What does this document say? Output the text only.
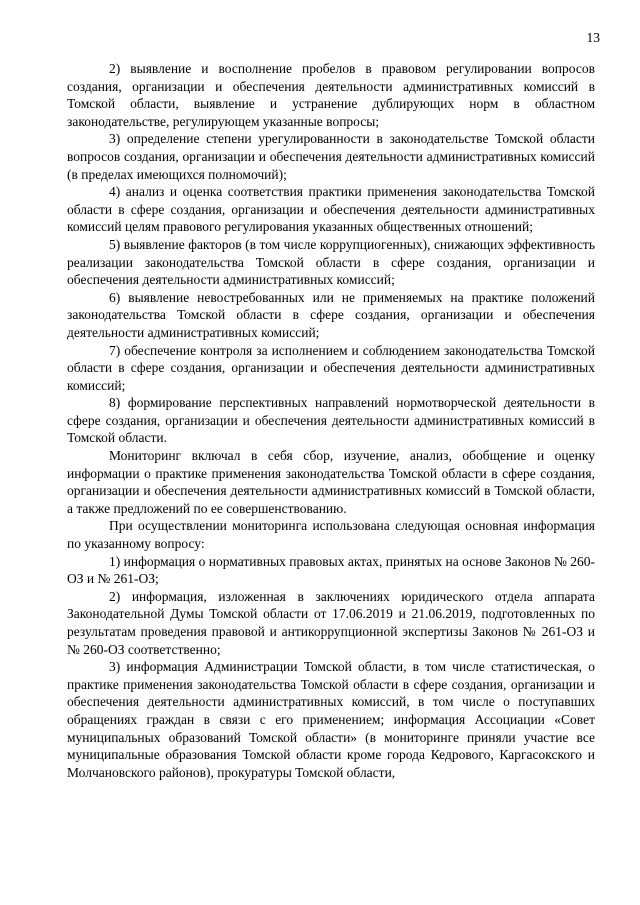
13

2) выявление и восполнение пробелов в правовом регулировании вопросов создания, организации и обеспечения деятельности административных комиссий в Томской области, выявление и устранение дублирующих норм в областном законодательстве, регулирующем указанные вопросы;

3) определение степени урегулированности в законодательстве Томской области вопросов создания, организации и обеспечения деятельности административных комиссий (в пределах имеющихся полномочий);

4) анализ и оценка соответствия практики применения законодательства Томской области в сфере создания, организации и обеспечения деятельности административных комиссий целям правового регулирования указанных общественных отношений;

5) выявление факторов (в том числе коррупциогенных), снижающих эффективность реализации законодательства Томской области в сфере создания, организации и обеспечения деятельности административных комиссий;

6) выявление невостребованных или не применяемых на практике положений законодательства Томской области в сфере создания, организации и обеспечения деятельности административных комиссий;

7) обеспечение контроля за исполнением и соблюдением законодательства Томской области в сфере создания, организации и обеспечения деятельности административных комиссий;

8) формирование перспективных направлений нормотворческой деятельности в сфере создания, организации и обеспечения деятельности административных комиссий в Томской области.

Мониторинг включал в себя сбор, изучение, анализ, обобщение и оценку информации о практике применения законодательства Томской области в сфере создания, организации и обеспечения деятельности административных комиссий в Томской области, а также предложений по ее совершенствованию.

При осуществлении мониторинга использована следующая основная информация по указанному вопросу:

1) информация о нормативных правовых актах, принятых на основе Законов № 260-ОЗ и № 261-ОЗ;

2) информация, изложенная в заключениях юридического отдела аппарата Законодательной Думы Томской области от 17.06.2019 и 21.06.2019, подготовленных по результатам проведения правовой и антикоррупционной экспертизы Законов № 261-ОЗ и № 260-ОЗ соответственно;

3) информация Администрации Томской области, в том числе статистическая, о практике применения законодательства Томской области в сфере создания, организации и обеспечения деятельности административных комиссий, в том числе о поступавших обращениях граждан в связи с его применением; информация Ассоциации «Совет муниципальных образований Томской области» (в мониторинге приняли участие все муниципальные образования Томской области кроме города Кедрового, Каргасокского и Молчановского районов), прокуратуры Томской области,
